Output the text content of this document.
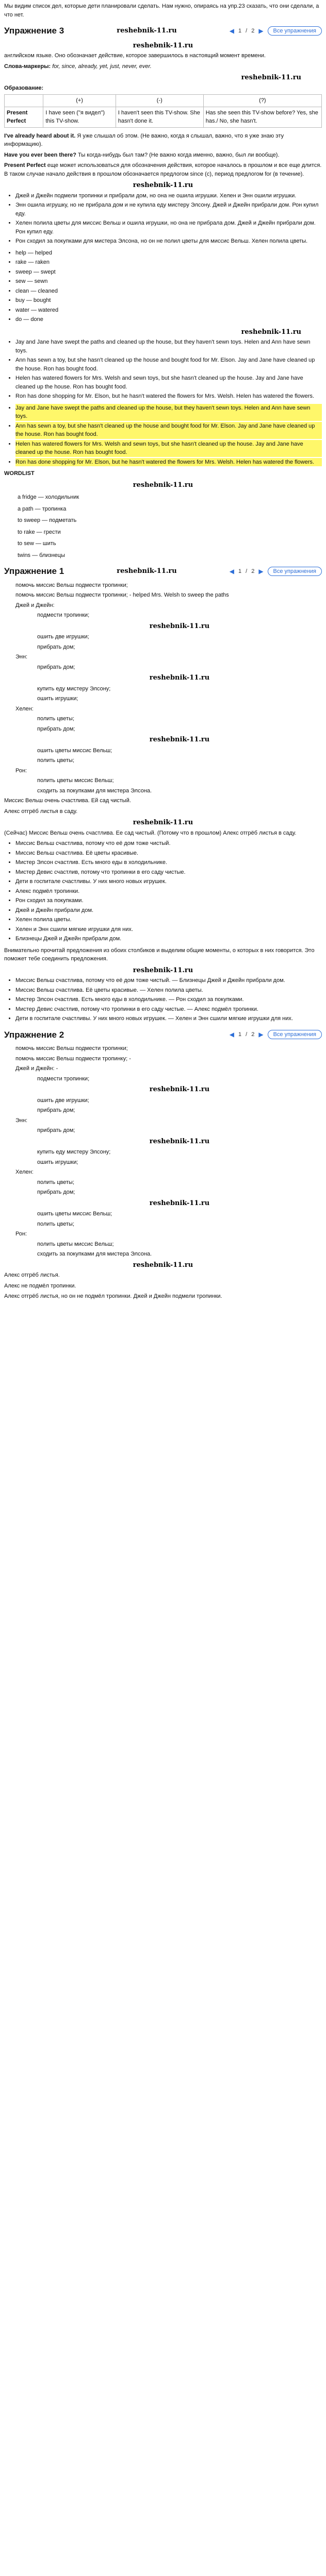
Мы видим список дел, которые дети планировали сделать. Нам нужно, опираясь на упр.23 сказать, что они сделали, а что нет.

Упражнение 3	reshebnik-11.ru	◀ 1 / 2 ▶	Все упражнения
reshebnik-11.ru

английском языке. Оно обозначает действие, которое завершилось в настоящий момент времени.

Слова-маркеры: for, since, already, yet, just, never, ever.

reshebnik-11.ru

Образование:

	(+)	(-)	(?)
Present Perfect	I have seen ("я видел") this TV-show.	I haven't seen this TV-show. She hasn't done it.	Has she seen this TV-show before? Yes, she has./ No, she hasn't.

I've already heard about it. Я уже слышал об этом. (Не важно, когда я слышал, важно, что я уже знаю эту информацию).

Have you ever been there? Ты когда-нибудь был там? (Не важно когда именно, важно, был ли вообще).

Present Perfect еще может использоваться для обозначения действия, которое началось в прошлом и все еще длится. В таком случае начало действия в прошлом обозначается предлогом since (с), период предлогом for (в течение).

reshebnik-11.ru
• Джей и Джейн подмели тропинки и прибрали дом, но она не ошила игрушки. Хелен и Энн ошили игрушки.
• Энн ошила игрушку, но не прибрала дом и не купила еду мистеру Элсону. Джей и Джейн прибрали дом. Рон купил еду.
• Хелен полила цветы для миссис Вельш и ошила игрушки, но она не прибрала дом. Джей и Джейн прибрали дом. Рон купил еду.
• Рон сходил за покупками для мистера Элсона, но он не полил цветы для миссис Вельш. Хелен полила цветы.
• help — helped
• rake — raken
• sweep — swept
• sew — sewn
• clean — cleaned
• buy — bought
• water — watered
• do — done
reshebnik-11.ru
• Jay and Jane have swept the paths and cleaned up the house, but they haven't sewn toys. Helen and Ann have sewn toys.
• Ann has sewn a toy, but she hasn't cleaned up the house and bought food for Mr. Elson. Jay and Jane have cleaned up the house. Ron has bought food.
• Helen has watered flowers for Mrs. Welsh and sewn toys, but she hasn't cleaned up the house. Jay and Jane have cleaned up the house. Ron has bought food.
• Ron has done shopping for Mr. Elson, but he hasn't watered the flowers for Mrs. Welsh. Helen has watered the flowers.
• Jay and Jane have swept the paths and cleaned up the house, but they haven't sewn toys. Helen and Ann have sewn toys.
• Ann has sewn a toy, but she hasn't cleaned up the house and bought food for Mr. Elson. Jay and Jane have cleaned up the house. Ron has bought food.
• Helen has watered flowers for Mrs. Welsh and sewn toys, but she hasn't cleaned up the house. Jay and Jane have cleaned up the house. Ron has bought food.
• Ron has done shopping for Mr. Elson, but he hasn't watered the flowers for Mrs. Welsh. Helen has watered the flowers.

WORDLIST

reshebnik-11.ru
a fridge — холодильник
a path — тропинка
to sweep — подметать
to rake — грести
to sew — шить
twins — близнецы
Упражнение 1	reshebnik-11.ru	◀ 1 / 2 ▶	Все упражнения

помочь миссис Вельш подмести тропинки;

помочь миссис Вельш подмести тропинки; - helped Mrs. Welsh to sweep the paths

Джей и Джейн:

подмести тропинки;

reshebnik-11.ru

ошить две игрушки;

прибрать дом;

Энн:

прибрать дом;

reshebnik-11.ru

купить еду мистеру Элсону;

ошить игрушки;

Хелен:

полить цветы;

прибрать дом;

reshebnik-11.ru

ошить цветы миссис Вельш;

полить цветы;

Рон:

полить цветы миссис Вельш;

сходить за покупками для мистера Элсона.

Миссис Вельш очень счастлива. Ей сад чистый.

Алекс отгрёб листья в саду.

reshebnik-11.ru

(Сейчас) Миссис Вельш очень счастлива. Ее сад чистый. (Потому что в прошлом) Алекс отгрёб листья в саду.

• Миссис Вельш счастлива, потому что её дом тоже чистый.
• Миссис Вельш счастлива. Её цветы красивые.
• Мистер Элсон счастлив. Есть много еды в холодильнике.
• Мистер Девис счастлив, потому что тропинки в его саду чистые.
• Дети в госпитале счастливы. У них много новых игрушек.
• Алекс подмёл тропинки.
• Рон сходил за покупками.
• Джей и Джейн прибрали дом.
• Хелен полила цветы.
• Хелен и Энн сшили мягкие игрушки для них.
• Близнецы Джей и Джейн прибрали дом.

Внимательно прочитай предложения из обоих столбиков и выделим общие моменты, о которых в них говорится. Это поможет тебе соединить предложения.

reshebnik-11.ru
• Миссис Вельш счастлива, потому что её дом тоже чистый. — Близнецы Джей и Джейн прибрали дом.
• Миссис Вельш счастлива. Её цветы красивые. — Хелен полила цветы.
• Мистер Элсон счастлив. Есть много еды в холодильнике. — Рон сходил за покупками.
• Мистер Девис счастлив, потому что тропинки в его саду чистые. — Алекс подмёл тропинки.
• Дети в госпитале счастливы. У них много новых игрушек. — Хелен и Энн сшили мягкие игрушки для них.
Упражнение 2	◀ 1 / 2 ▶	Все упражнения

помочь миссис Вельш подмести тропинки;

помочь миссис Вельш подмести тропинку; -

Джей и Джейн: -

подмести тропинки;

reshebnik-11.ru

ошить две игрушки;

прибрать дом;

Энн:

прибрать дом;

reshebnik-11.ru

купить еду мистеру Элсону;

ошить игрушки;

Хелен:

полить цветы;

прибрать дом;

reshebnik-11.ru

ошить цветы миссис Вельш;

полить цветы;

Рон:

полить цветы миссис Вельш;

сходить за покупками для мистера Элсона.

reshebnik-11.ru

Алекс отгрёб листья.

Алекс не подмёл тропинки.

Алекс отгрёб листья, но он не подмёл тропинки. Джей и Джейн подмели тропинки.
